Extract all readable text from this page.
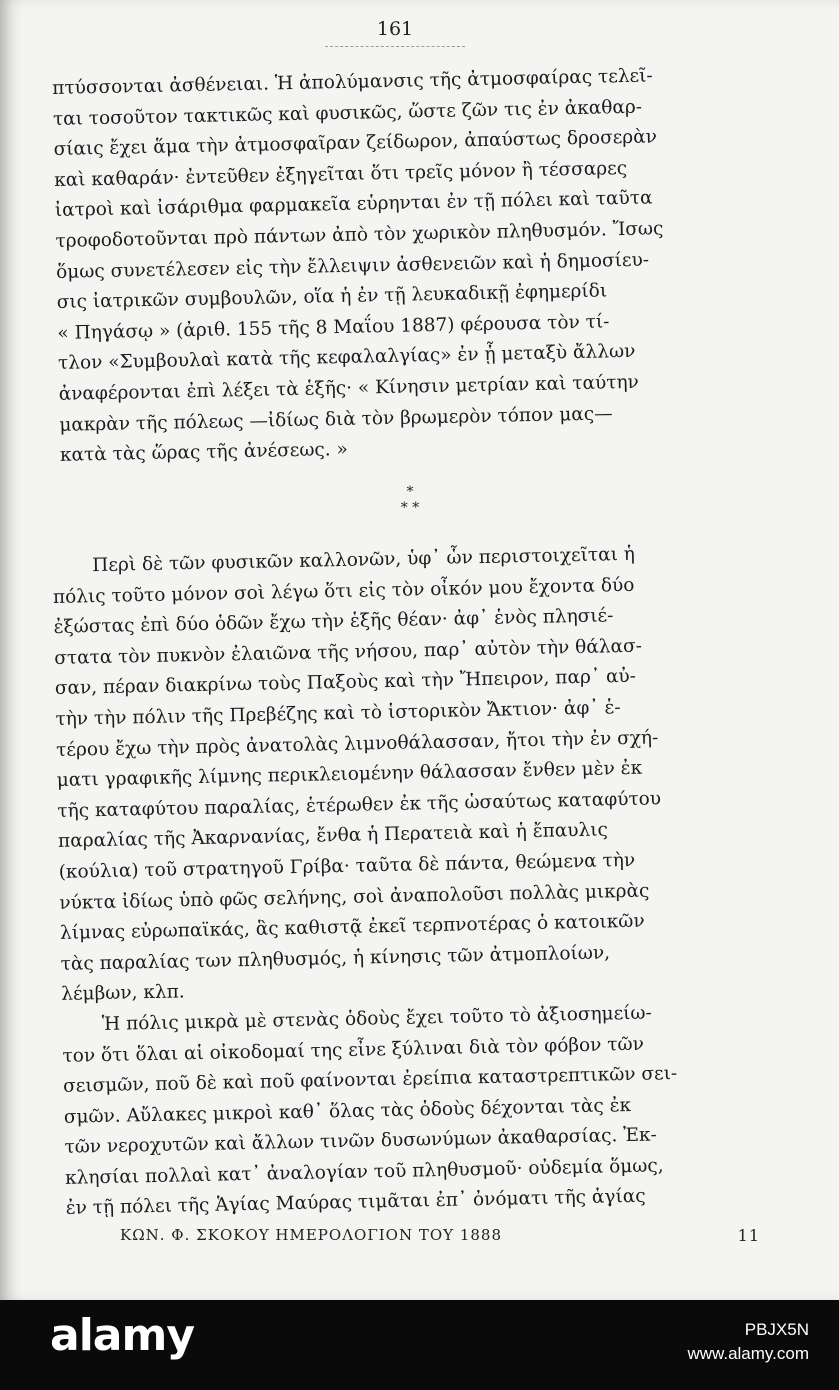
161
πτύσσονται ἀσθένειαι. Ἡ ἀπολύμανσις τῆς ἀτμοσφαίρας τελεῖ-
ται τοσοῦτον τακτικῶς καὶ φυσικῶς, ὥστε ζῶν τις ἐν ἀκαθαρ-
σίαις ἔχει ἅμα τὴν ἀτμοσφαῖραν ζείδωρον, ἀπαύστως δροσερὰν
καὶ καθαράν· ἐντεῦθεν ἐξηγεῖται ὅτι τρεῖς μόνον ἢ τέσσαρες
ἰατροὶ καὶ ἰσάριθμα φαρμακεῖα εὑρηνται ἐν τῇ πόλει καὶ ταῦτα
τροφοδοτοῦνται πρὸ πάντων ἀπὸ τὸν χωρικὸν πληθυσμόν. Ἴσως
ὅμως συνετέλεσεν εἰς τὴν ἔλλειψιν ἀσθενειῶν καὶ ἡ δημοσίευ-
σις ἰατρικῶν συμβουλῶν, οἵα ἡ ἐν τῇ λευκαδικῇ ἐφημερίδι
« Πηγάσῳ » (ἀριθ. 155 τῆς 8 Μαΐου 1887) φέρουσα τὸν τί-
τλον «Συμβουλαὶ κατὰ τῆς κεφαλαλγίας» ἐν ᾗ μεταξὺ ἄλλων
ἀναφέρονται ἐπὶ λέξει τὰ ἑξῆς· « Κίνησιν μετρίαν καὶ ταύτην
μακρὰν τῆς πόλεως —ἰδίως διὰ τὸν βρωμερὸν τόπον μας—
κατὰ τὰς ὥρας τῆς ἀνέσεως. »
*
* *
Περὶ δὲ τῶν φυσικῶν καλλονῶν, ὑφ᾽ ὧν περιστοιχεῖται ἡ
πόλις τοῦτο μόνον σοὶ λέγω ὅτι εἰς τὸν οἶκόν μου ἔχοντα δύο
ἐξώστας ἐπὶ δύο ὁδῶν ἔχω τὴν ἑξῆς θέαν· ἀφ᾽ ἑνὸς πλησιέ-
στατα τὸν πυκνὸν ἐλαιῶνα τῆς νήσου, παρ᾽ αὐτὸν τὴν θάλασ-
σαν, πέραν διακρίνω τοὺς Παξοὺς καὶ τὴν Ἤπειρον, παρ᾽ αὐ-
τὴν τὴν πόλιν τῆς Πρεβέζης καὶ τὸ ἱστορικὸν Ἄκτιον· ἀφ᾽ ἑ-
τέρου ἔχω τὴν πρὸς ἀνατολὰς λιμνοθάλασσαν, ἤτοι τὴν ἐν σχή-
ματι γραφικῆς λίμνης περικλειομένην θάλασσαν ἔνθεν μὲν ἐκ
τῆς καταφύτου παραλίας, ἑτέρωθεν ἐκ τῆς ὡσαύτως καταφύτου
παραλίας τῆς Ἀκαρνανίας, ἔνθα ἡ Περατειὰ καὶ ἡ ἔπαυλις
(κούλια) τοῦ στρατηγοῦ Γρίβα· ταῦτα δὲ πάντα, θεώμενα τὴν
νύκτα ἰδίως ὑπὸ φῶς σελήνης, σοὶ ἀναπολοῦσι πολλὰς μικρὰς
λίμνας εὐρωπαϊκάς, ἃς καθιστᾷ ἐκεῖ τερπνοτέρας ὁ κατοικῶν
τὰς παραλίας των πληθυσμός, ἡ κίνησις τῶν ἀτμοπλοίων,
λέμβων, κλπ.
Ἡ πόλις μικρὰ μὲ στενὰς ὁδοὺς ἔχει τοῦτο τὸ ἀξιοσημείω-
τον ὅτι ὅλαι αἱ οἰκοδομαί της εἶνε ξύλιναι διὰ τὸν φόβον τῶν
σεισμῶν, ποῦ δὲ καὶ ποῦ φαίνονται ἐρείπια καταστρεπτικῶν σει-
σμῶν. Αὔλακες μικροὶ καθ᾽ ὅλας τὰς ὁδοὺς δέχονται τὰς ἐκ
τῶν νεροχυτῶν καὶ ἄλλων τινῶν δυσωνύμων ἀκαθαρσίας. Ἐκ-
κλησίαι πολλαὶ κατ᾽ ἀναλογίαν τοῦ πληθυσμοῦ· οὐδεμία ὅμως,
ἐν τῇ πόλει τῆς Ἁγίας Μαύρας τιμᾶται ἐπ᾽ ὀνόματι τῆς ἁγίας
ΚΩΝ. Φ. ΣΚΟΚΟΥ ΗΜΕΡΟΛΟΓΙΟΝ ΤΟΥ 1888	11
alamy	PBJX5N
www.alamy.com
